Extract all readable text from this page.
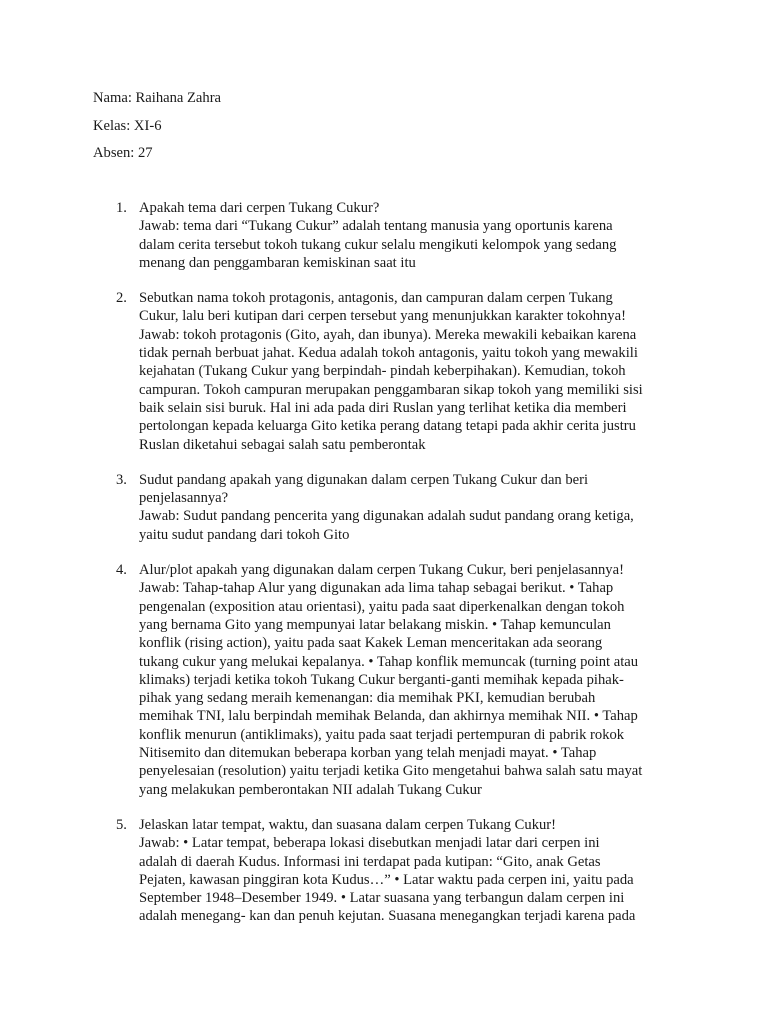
Nama: Raihana Zahra
Kelas: XI-6
Absen: 27
1. Apakah tema dari cerpen Tukang Cukur?
Jawab: tema dari “Tukang Cukur” adalah tentang manusia yang oportunis karena
dalam cerita tersebut tokoh tukang cukur selalu mengikuti kelompok yang sedang
menang dan penggambaran kemiskinan saat itu
2. Sebutkan nama tokoh protagonis, antagonis, dan campuran dalam cerpen Tukang
Cukur, lalu beri kutipan dari cerpen tersebut yang menunjukkan karakter tokohnya!
Jawab: tokoh protagonis (Gito, ayah, dan ibunya). Mereka mewakili kebaikan karena
tidak pernah berbuat jahat. Kedua adalah tokoh antagonis, yaitu tokoh yang mewakili
kejahatan (Tukang Cukur yang berpindah- pindah keberpihakan). Kemudian, tokoh
campuran. Tokoh campuran merupakan penggambaran sikap tokoh yang memiliki sisi
baik selain sisi buruk. Hal ini ada pada diri Ruslan yang terlihat ketika dia memberi
pertolongan kepada keluarga Gito ketika perang datang tetapi pada akhir cerita justru
Ruslan diketahui sebagai salah satu pemberontak
3. Sudut pandang apakah yang digunakan dalam cerpen Tukang Cukur dan beri
penjelasannya?
Jawab: Sudut pandang pencerita yang digunakan adalah sudut pandang orang ketiga,
yaitu sudut pandang dari tokoh Gito
4. Alur/plot apakah yang digunakan dalam cerpen Tukang Cukur, beri penjelasannya!
Jawab: Tahap-tahap Alur yang digunakan ada lima tahap sebagai berikut. • Tahap
pengenalan (exposition atau orientasi), yaitu pada saat diperkenalkan dengan tokoh
yang bernama Gito yang mempunyai latar belakang miskin. • Tahap kemunculan
konflik (rising action), yaitu pada saat Kakek Leman menceritakan ada seorang
tukang cukur yang melukai kepalanya. • Tahap konflik memuncak (turning point atau
klimaks) terjadi ketika tokoh Tukang Cukur berganti-ganti memihak kepada pihak-
pihak yang sedang meraih kemenangan: dia memihak PKI, kemudian berubah
memihak TNI, lalu berpindah memihak Belanda, dan akhirnya memihak NII. • Tahap
konflik menurun (antiklimaks), yaitu pada saat terjadi pertempuran di pabrik rokok
Nitisemito dan ditemukan beberapa korban yang telah menjadi mayat. • Tahap
penyelesaian (resolution) yaitu terjadi ketika Gito mengetahui bahwa salah satu mayat
yang melakukan pemberontakan NII adalah Tukang Cukur
5. Jelaskan latar tempat, waktu, dan suasana dalam cerpen Tukang Cukur!
Jawab: • Latar tempat, beberapa lokasi disebutkan menjadi latar dari cerpen ini
adalah di daerah Kudus. Informasi ini terdapat pada kutipan: “Gito, anak Getas
Pejaten, kawasan pinggiran kota Kudus…” • Latar waktu pada cerpen ini, yaitu pada
September 1948–Desember 1949. • Latar suasana yang terbangun dalam cerpen ini
adalah menegang- kan dan penuh kejutan. Suasana menegangkan terjadi karena pada
